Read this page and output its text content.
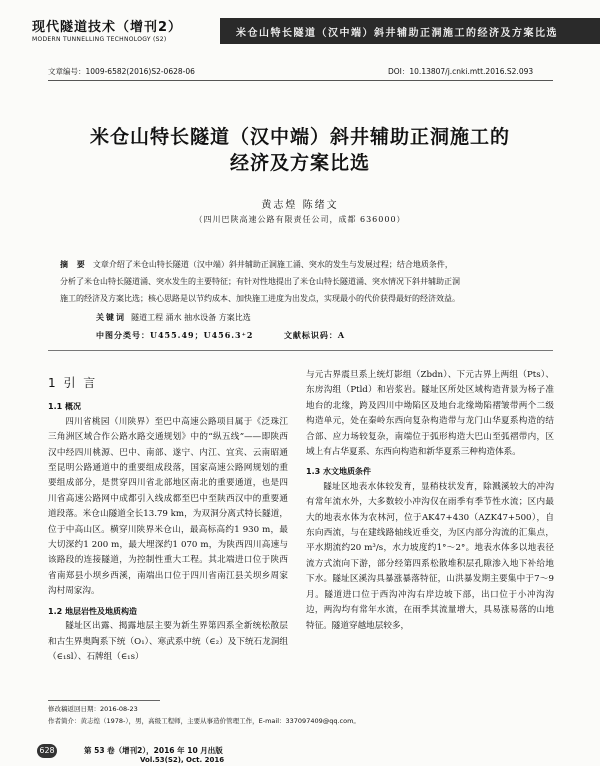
现代隧道技术（增刊2）
MODERN TUNNELLING TECHNOLOGY (S2)
米仓山特长隧道（汉中端）斜井辅助正洞施工的经济及方案比选
文章编号：1009-6582(2016)S2-0628-06	DOI：10.13807/j.cnki.mtt.2016.S2.093
米仓山特长隧道（汉中端）斜井辅助正洞施工的
经济及方案比选
黄志煌 陈绪文
（四川巴陕高速公路有限责任公司，成都 636000）
摘 要 文章介绍了米仓山特长隧道（汉中端）斜井辅助正洞施工涌、突水的发生与发展过程；结合地质条件，
分析了米仓山特长隧道涌、突水发生的主要特征；有针对性地提出了米仓山特长隧道涌、突水情况下斜井辅助正洞
施工的经济及方案比选；核心思路是以节约成本、加快施工进度为出发点，实现最小的代价获得最好的经济效益。
关键词 隧道工程 涌水 抽水设备 方案比选
中图分类号：U455.49；U456.3⁺2	文献标识码：A
1 引 言
1.1 概况

四川省桃园（川陕界）至巴中高速公路项目属于《泛珠江三角洲区域合作公路水路交通规划》中的“纵五线”——即陕西汉中经四川桃源、巴中、南部、遂宁、内江、宜宾、云南昭通至昆明公路通道中的重要组成段落，国家高速公路网规划的重要组成部分，是贯穿四川省北部地区南北的重要通道，也是四川省高速公路网中成都引入线成都至巴中至陕西汉中的重要通道段落。米仓山隧道全长13.79 km，为双洞分离式特长隧道，位于中高山区。横穿川陕界米仓山，最高标高约1 930 m，最大切深约1 200 m，最大埋深约1 070 m，为陕西四川高速与该路段的连接隧道，为控制性重大工程。其北端进口位于陕西省南郑县小坝乡西溪，南端出口位于四川省南江县关坝乡周家沟村周家沟。

1.2 地层岩性及地质构造

隧址区出露、揭露地层主要为新生界第四系全新统松散层和古生界奥陶系下统（O₁）、寒武系中统（∈₂）及下统石龙洞组（∈₁sl）、石牌组（∈₁s）

与元古界震旦系上统灯影组（Zbdn）、下元古界上两组（Pts）、东房沟组（Ptld）和岩浆岩。隧址区所处区域构造背景为杨子准地台的北缘，跨及四川中坳陷区及地台北缘坳陷褶皱带两个二级构造单元，处在秦岭东西向复杂构造带与龙门山华夏系构造的结合部、应力场较复杂，南端位于弧形构造大巴山至弧褶带内，区域上有占华夏系、东西向构造和新华夏系三种构造体系。

1.3 水文地质条件

隧址区地表水体较发育，显稍枝状发育，除溅溪较大的冲沟有常年流水外，大多数较小冲沟仅在雨季有季节性水流；区内最大的地表水体为农林河，位于AK47+430（AZK47+500），自东向西流，与在建线路轴线近垂交，为区内部分沟流的汇集点，平水期流约20 m³/s，水力坡度约1°～2°。地表水体多以地表径流方式流向下游，部分经第四系松散堆积层孔隙渗入地下补给地下水。隧址区溪沟具暴涨暴落特征，山洪暴发期主要集中于7～9月。隧道进口位于西沟冲沟右岸边坡下部，出口位于小冲沟沟边，两沟均有常年水流，在雨季其流量增大，具易涨易落的山地特征。隧道穿越地层较多，

修改稿返回日期：2016-08-23
作者简介：黄志煌（1978-），男，高级工程师，主要从事造价管理工作，E-mail：337097409@qq.com。
628	第 53 卷（增刊2），2016 年 10 月出版
Vol.53(S2), Oct. 2016
